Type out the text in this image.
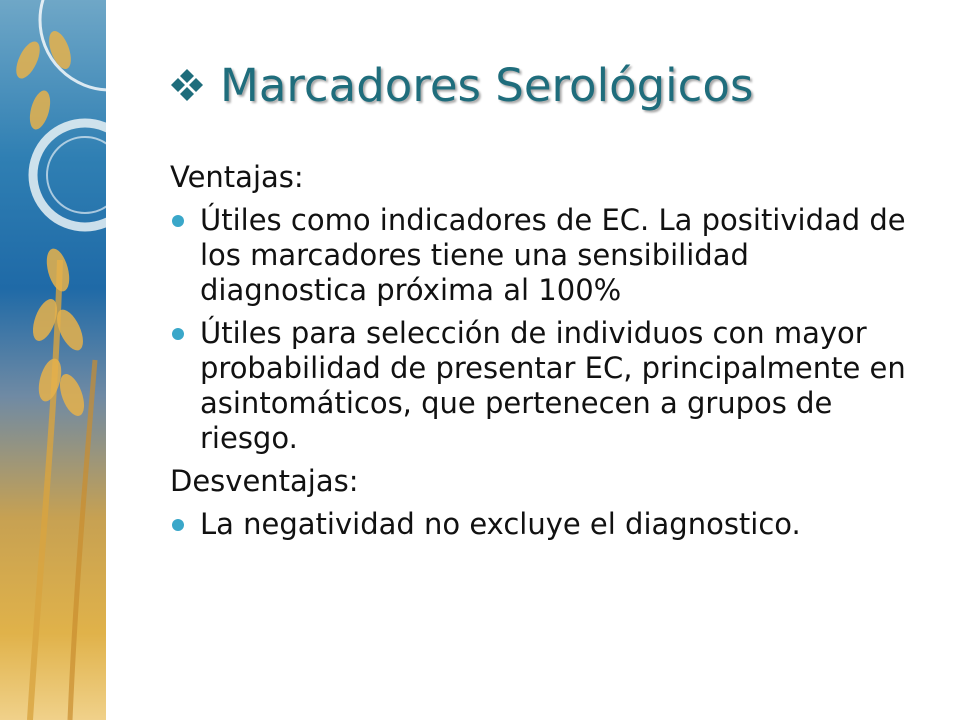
Marcadores Serológicos
Ventajas:
Útiles como indicadores de EC. La positividad de los marcadores tiene una sensibilidad diagnostica próxima al 100%
Útiles para selección de individuos con mayor probabilidad de presentar EC, principalmente en asintomáticos, que pertenecen a grupos de riesgo.
Desventajas:
La negatividad no excluye el diagnostico.
